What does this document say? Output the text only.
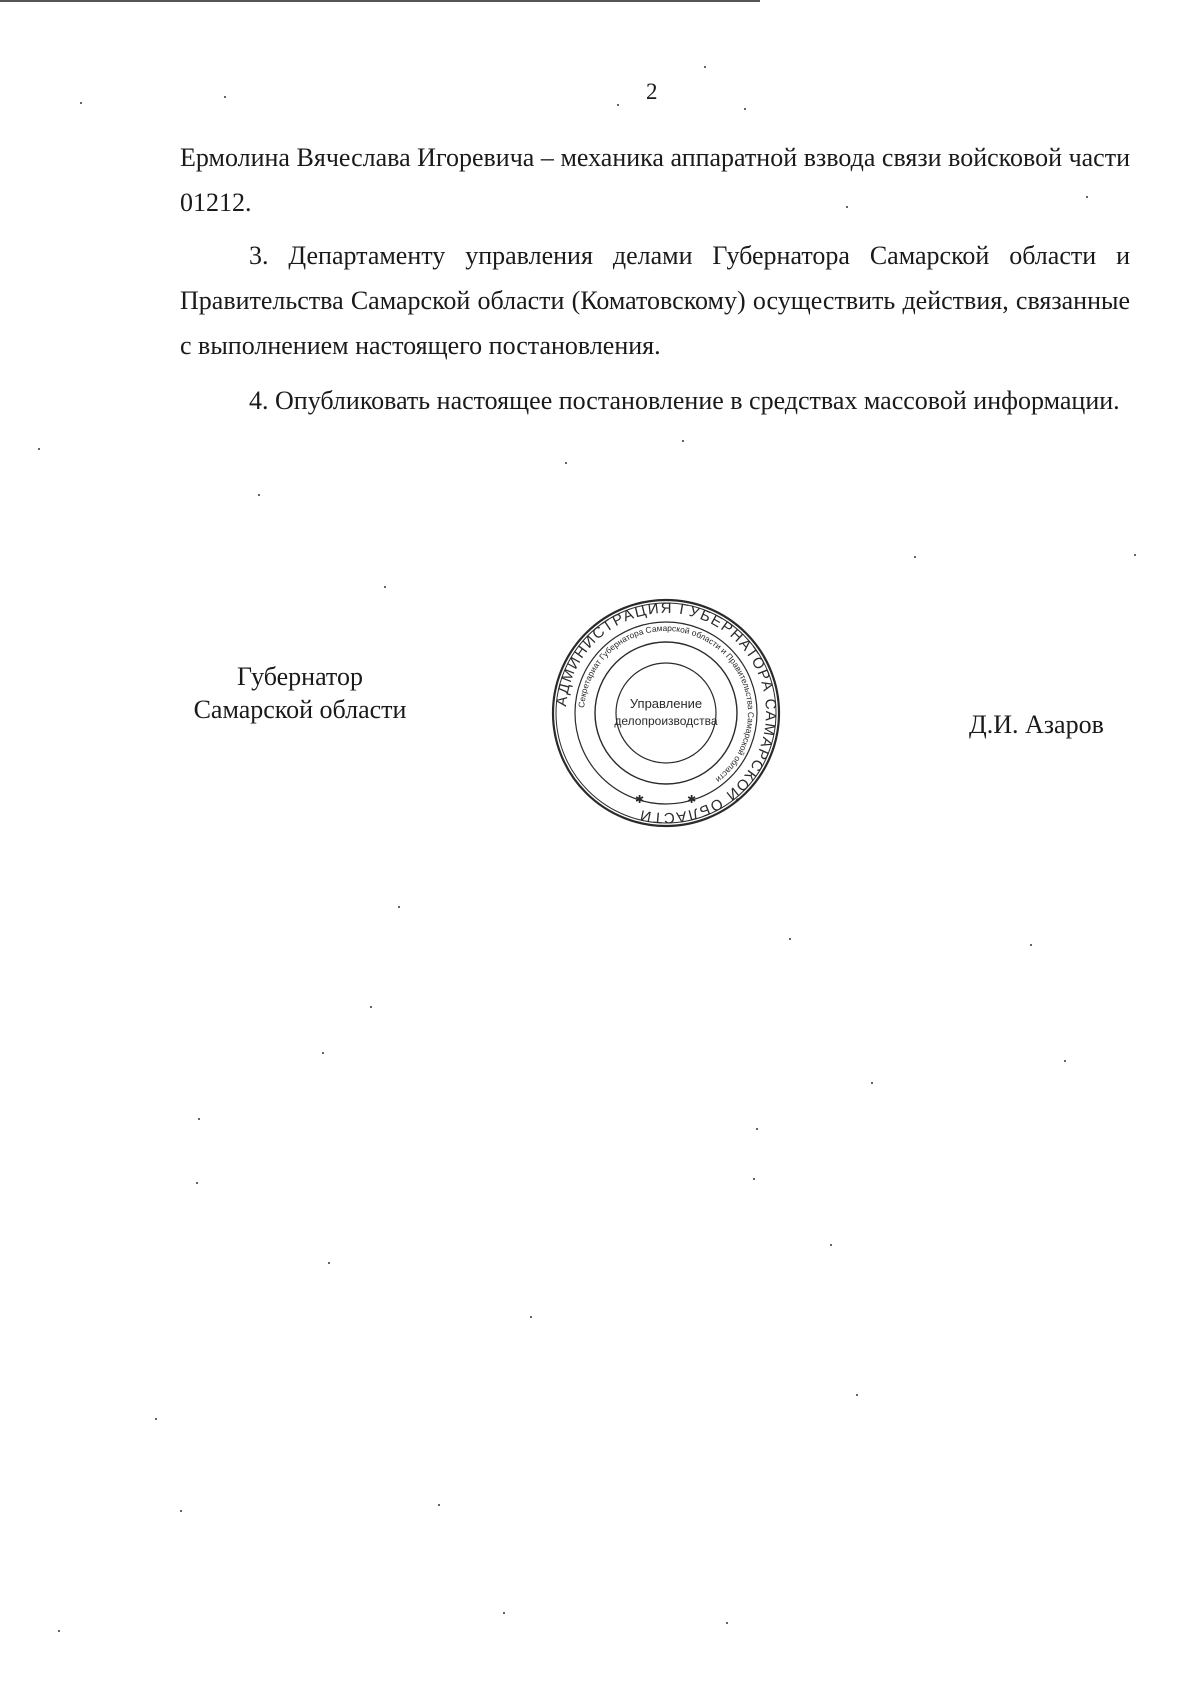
2

Ермолина Вячеслава Игоревича – механика аппаратной взвода связи войсковой части 01212.

3. Департаменту управления делами Губернатора Самарской области и Правительства Самарской области (Коматовскому) осуществить действия, связанные с выполнением настоящего постановления.

4. Опубликовать настоящее постановление в средствах массовой информации.

Губернатор
Самарской области	АДМИНИСТРАЦИЯ ГУБЕРНАТОРА САМАРСКОЙ ОБЛАСТИ
Секретариат Губернатора Самарской области и Правительства Самарской области
Управление
делопроизводства
✱	✱
Д.И. Азаров
